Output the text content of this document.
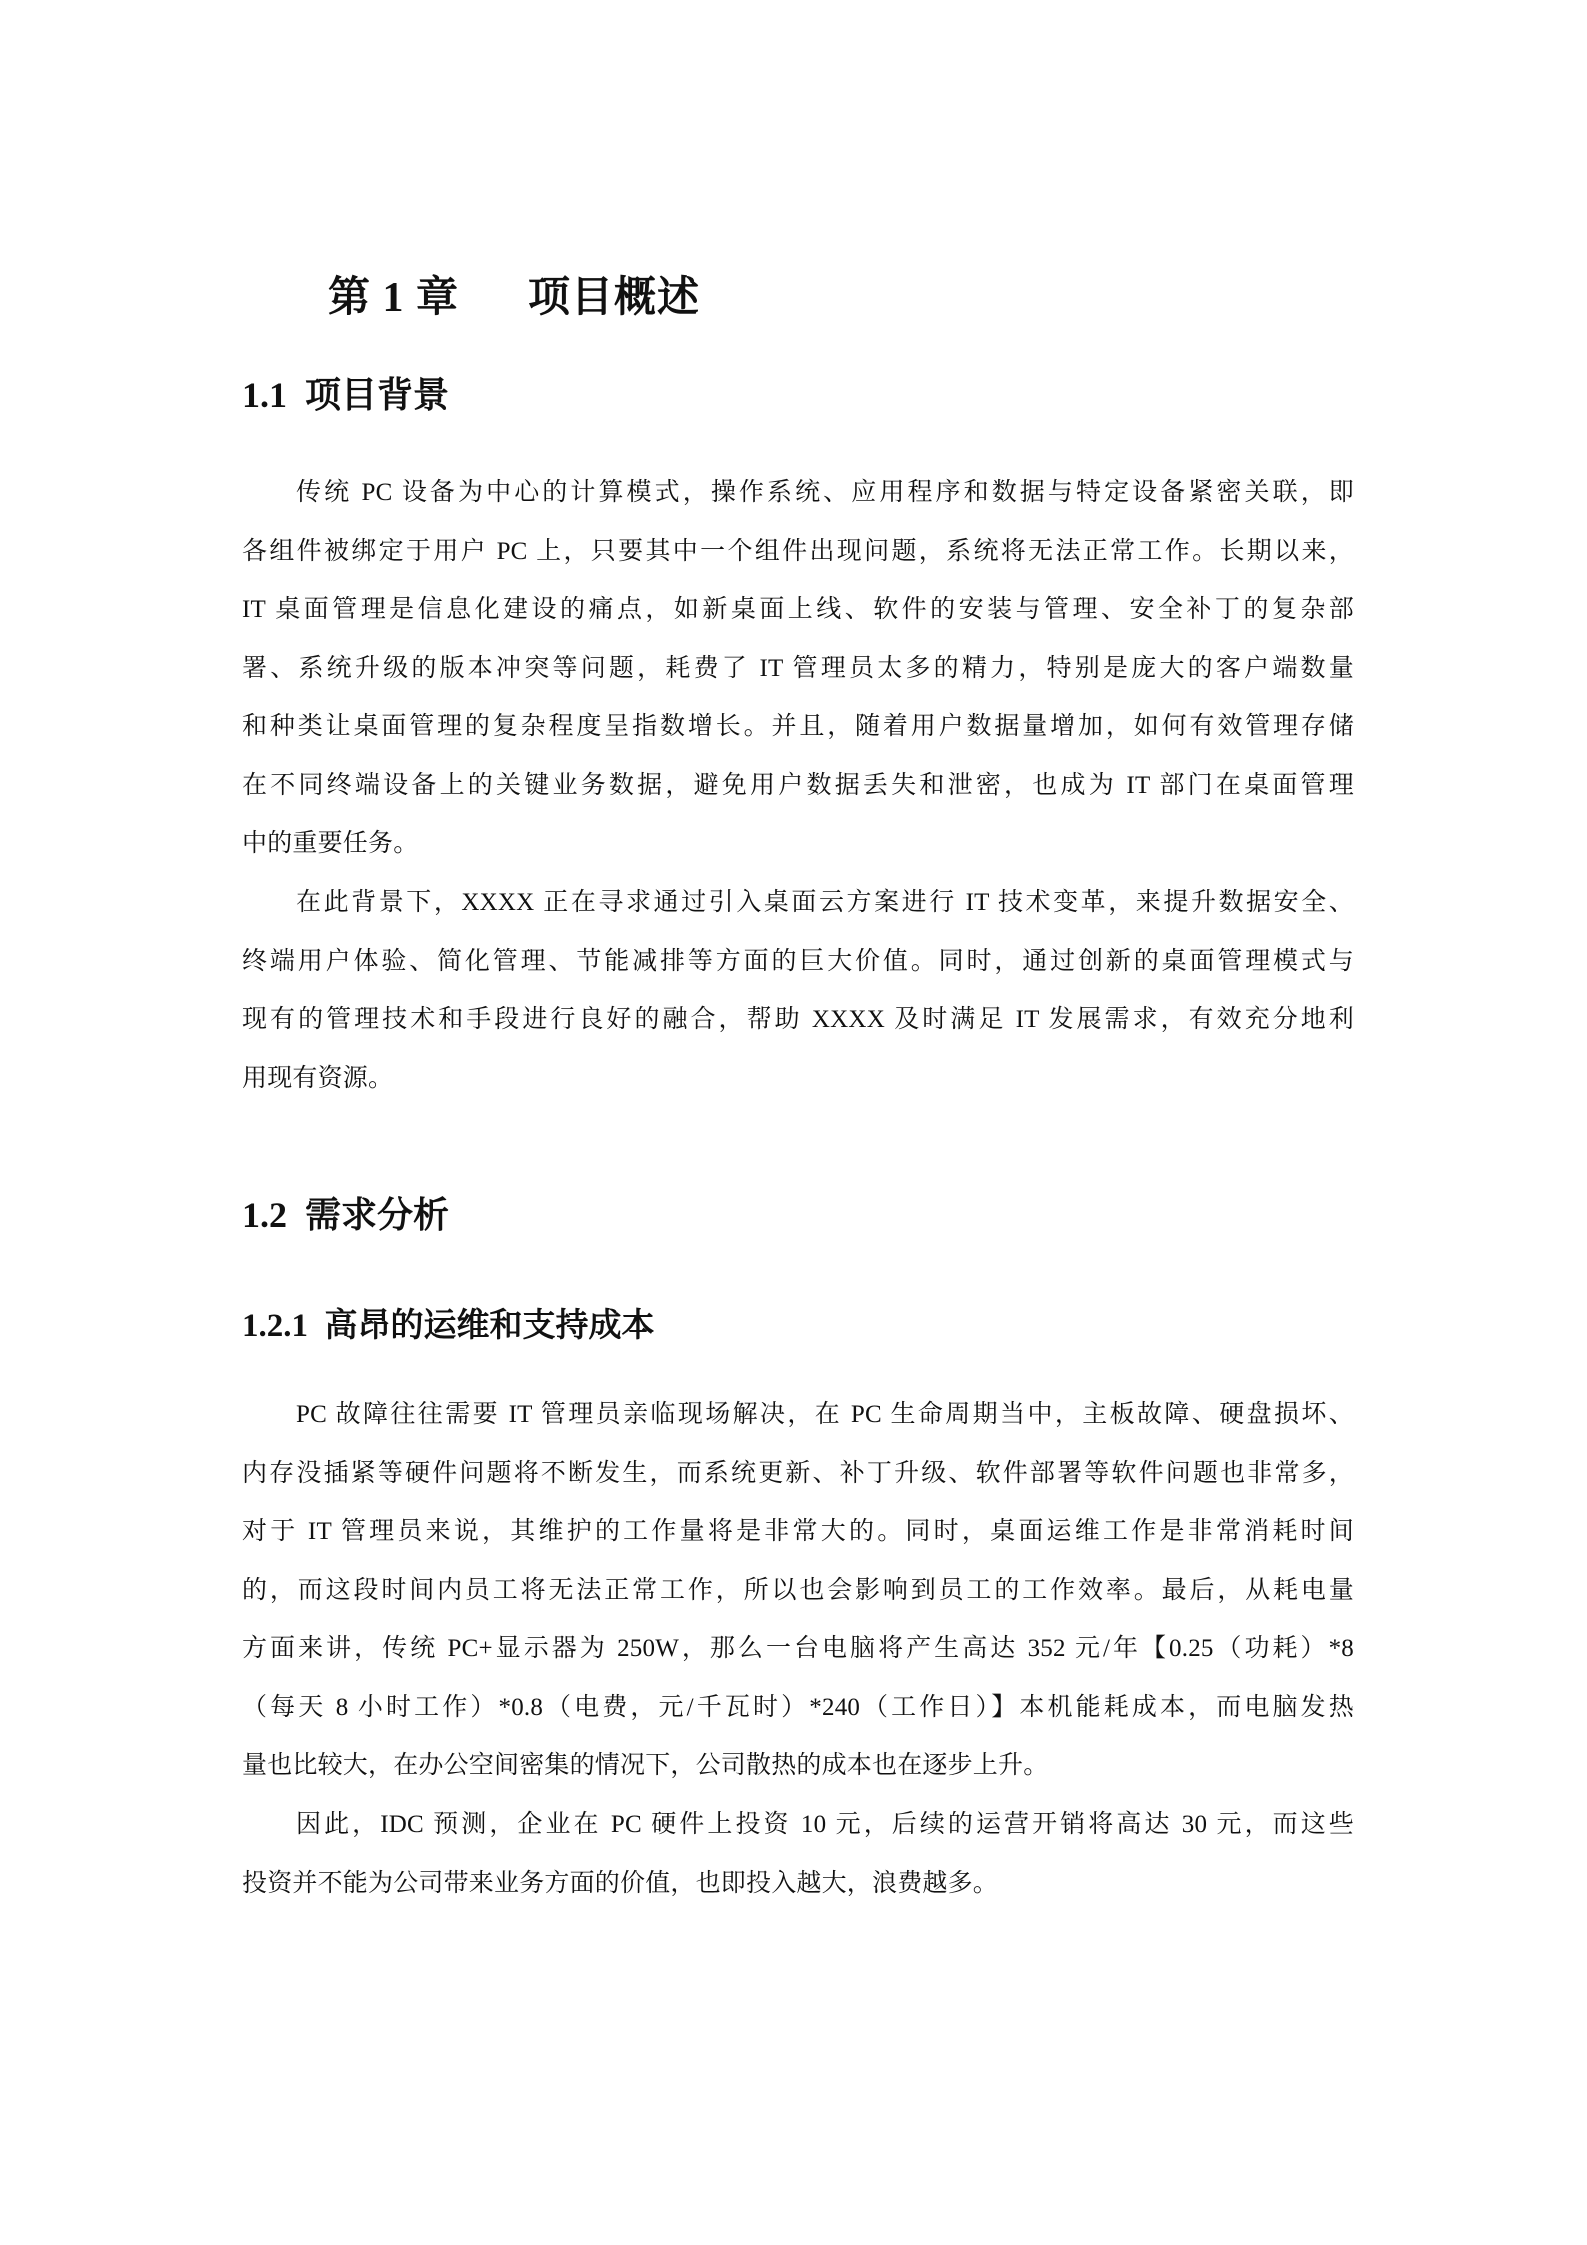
第 1 章 项目概述
1.1 项目背景
传统 PC 设备为中心的计算模式，操作系统、应用程序和数据与特定设备紧密关联，即
各组件被绑定于用户 PC 上，只要其中一个组件出现问题，系统将无法正常工作。长期以来，
IT 桌面管理是信息化建设的痛点，如新桌面上线、软件的安装与管理、安全补丁的复杂部
署、系统升级的版本冲突等问题，耗费了 IT 管理员太多的精力，特别是庞大的客户端数量
和种类让桌面管理的复杂程度呈指数增长。并且，随着用户数据量增加，如何有效管理存储
在不同终端设备上的关键业务数据，避免用户数据丢失和泄密，也成为 IT 部门在桌面管理
中的重要任务。
在此背景下，XXXX 正在寻求通过引入桌面云方案进行 IT 技术变革，来提升数据安全、
终端用户体验、简化管理、节能减排等方面的巨大价值。同时，通过创新的桌面管理模式与
现有的管理技术和手段进行良好的融合，帮助 XXXX 及时满足 IT 发展需求，有效充分地利
用现有资源。
1.2 需求分析
1.2.1 高昂的运维和支持成本
PC 故障往往需要 IT 管理员亲临现场解决，在 PC 生命周期当中，主板故障、硬盘损坏、
内存没插紧等硬件问题将不断发生，而系统更新、补丁升级、软件部署等软件问题也非常多，
对于 IT 管理员来说，其维护的工作量将是非常大的。同时，桌面运维工作是非常消耗时间
的，而这段时间内员工将无法正常工作，所以也会影响到员工的工作效率。最后，从耗电量
方面来讲，传统 PC+显示器为 250W，那么一台电脑将产生高达 352 元/年【0.25（功耗）*8
（每天 8 小时工作）*0.8（电费，元/千瓦时）*240（工作日）】本机能耗成本，而电脑发热
量也比较大，在办公空间密集的情况下，公司散热的成本也在逐步上升。
因此，IDC 预测，企业在 PC 硬件上投资 10 元，后续的运营开销将高达 30 元，而这些
投资并不能为公司带来业务方面的价值，也即投入越大，浪费越多。
